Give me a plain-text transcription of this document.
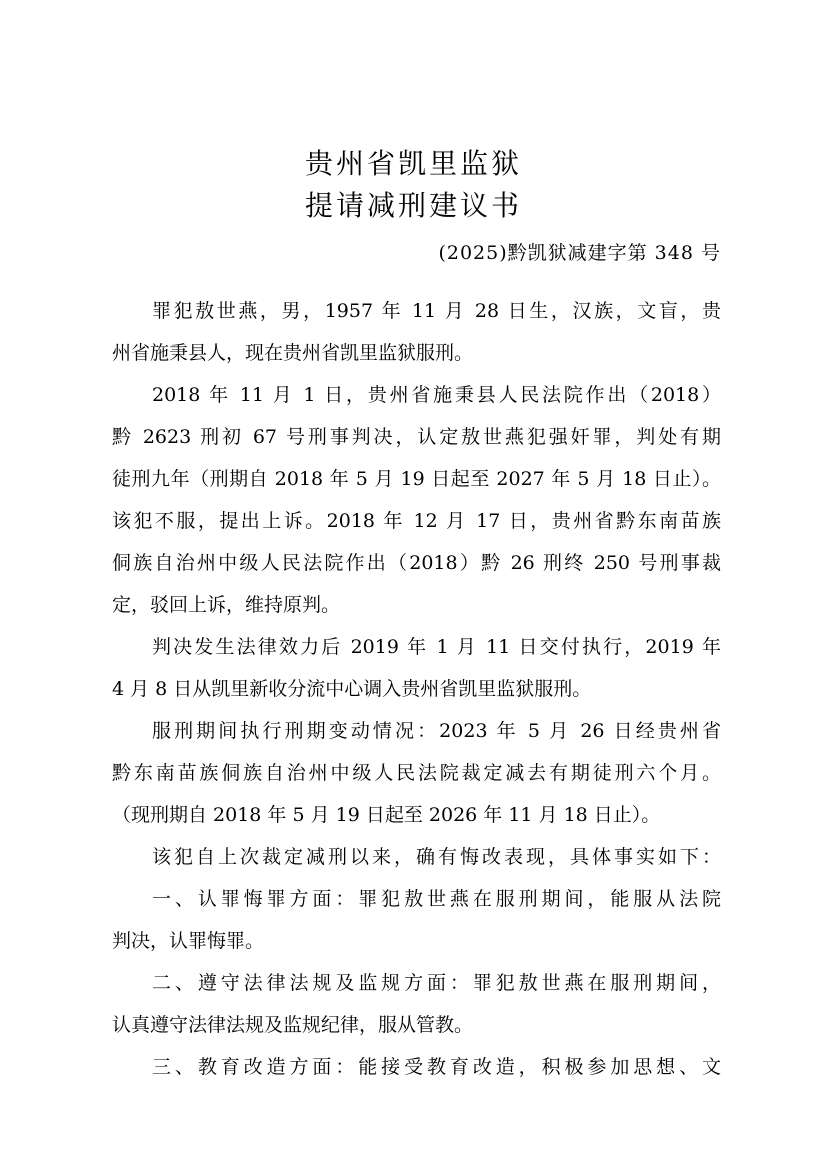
贵州省凯里监狱
提请减刑建议书
(2025)黔凯狱减建字第 348 号
罪犯敖世燕，男，1957 年 11 月 28 日生，汉族，文盲，贵
州省施秉县人，现在贵州省凯里监狱服刑。
2018 年 11 月 1 日，贵州省施秉县人民法院作出（2018）
黔 2623 刑初 67 号刑事判决，认定敖世燕犯强奸罪，判处有期
徒刑九年（刑期自 2018 年 5 月 19 日起至 2027 年 5 月 18 日止）。
该犯不服，提出上诉。2018 年 12 月 17 日，贵州省黔东南苗族
侗族自治州中级人民法院作出（2018）黔 26 刑终 250 号刑事裁
定，驳回上诉，维持原判。
判决发生法律效力后 2019 年 1 月 11 日交付执行，2019 年
4 月 8 日从凯里新收分流中心调入贵州省凯里监狱服刑。
服刑期间执行刑期变动情况：2023 年 5 月 26 日经贵州省
黔东南苗族侗族自治州中级人民法院裁定减去有期徒刑六个月。
（现刑期自 2018 年 5 月 19 日起至 2026 年 11 月 18 日止）。
该犯自上次裁定减刑以来，确有悔改表现，具体事实如下：
一、认罪悔罪方面：罪犯敖世燕在服刑期间，能服从法院
判决，认罪悔罪。
二、遵守法律法规及监规方面：罪犯敖世燕在服刑期间，
认真遵守法律法规及监规纪律，服从管教。
三、教育改造方面：能接受教育改造，积极参加思想、文
